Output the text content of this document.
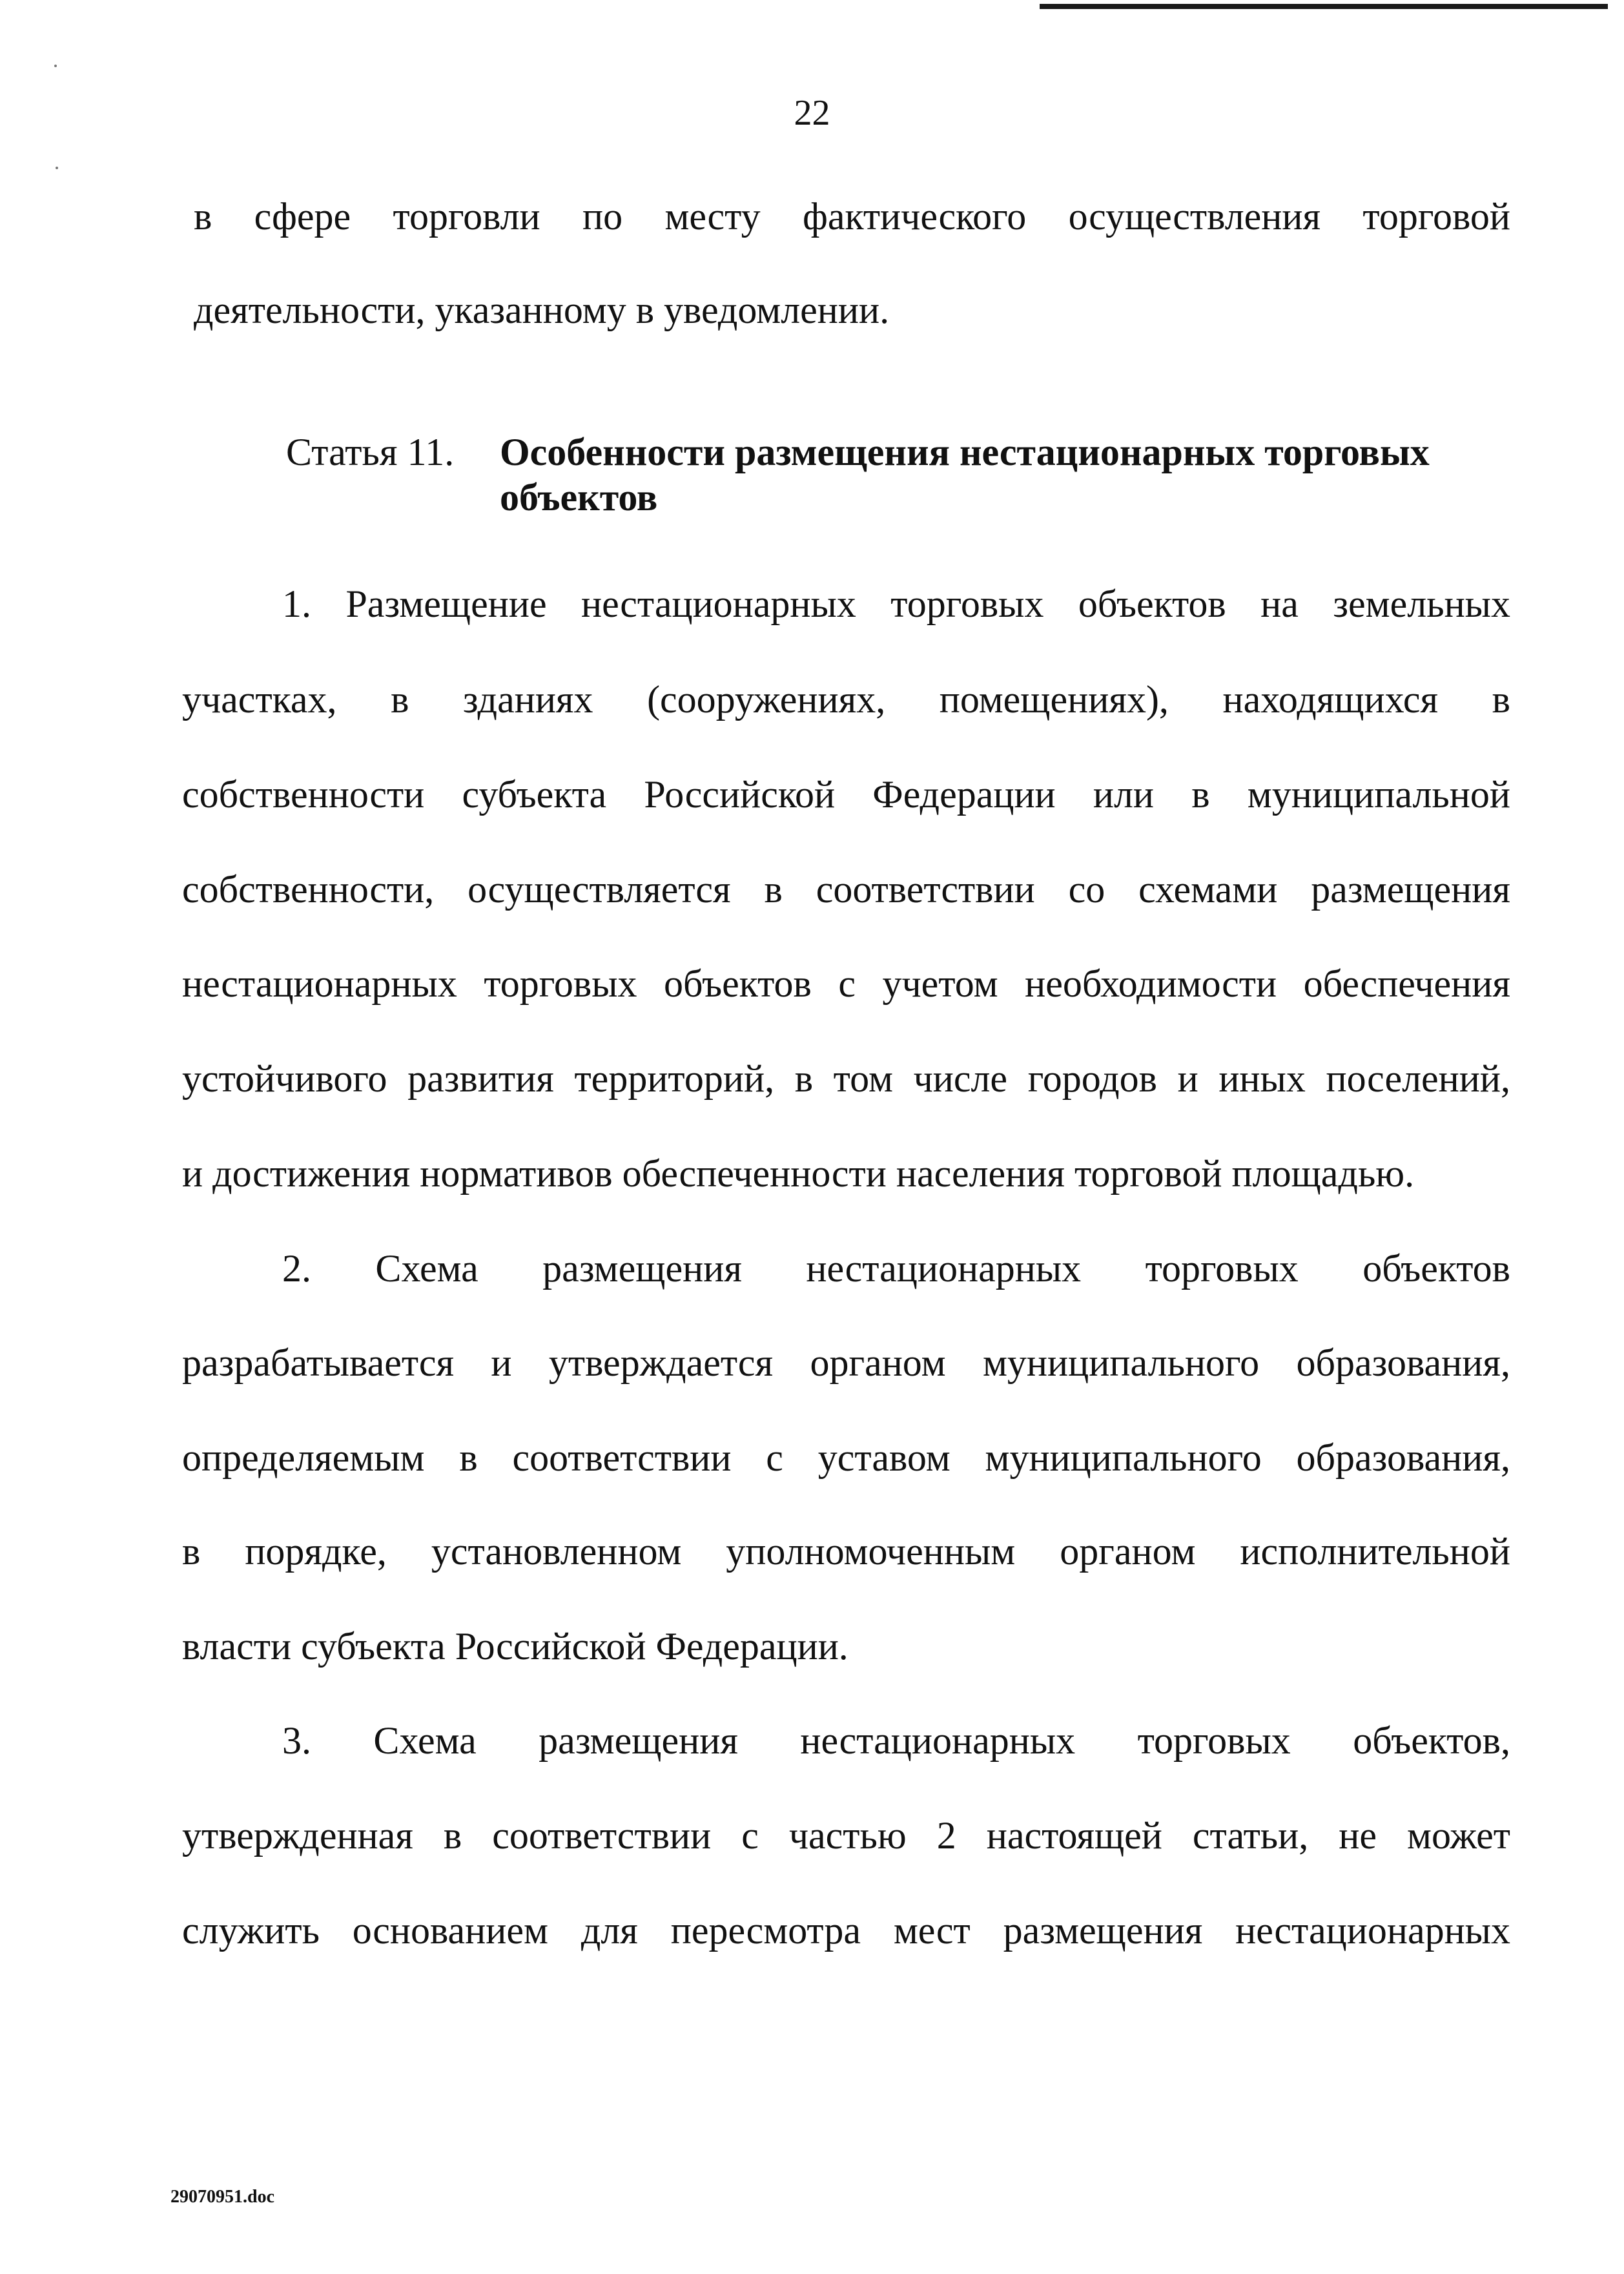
22
в сфере торговли по месту фактического осуществления торговой
деятельности, указанному в уведомлении.
Статья 11. Особенности размещения нестационарных торговых объектов
1. Размещение нестационарных торговых объектов на земельных
участках, в зданиях (сооружениях, помещениях), находящихся в
собственности субъекта Российской Федерации или в муниципальной
собственности, осуществляется в соответствии со схемами размещения
нестационарных торговых объектов с учетом необходимости обеспечения
устойчивого развития территорий, в том числе городов и иных поселений,
и достижения нормативов обеспеченности населения торговой площадью.
2. Схема размещения нестационарных торговых объектов
разрабатывается и утверждается органом муниципального образования,
определяемым в соответствии с уставом муниципального образования,
в порядке, установленном уполномоченным органом исполнительной
власти субъекта Российской Федерации.
3. Схема размещения нестационарных торговых объектов,
утвержденная в соответствии с частью 2 настоящей статьи, не может
служить основанием для пересмотра мест размещения нестационарных
29070951.doc
